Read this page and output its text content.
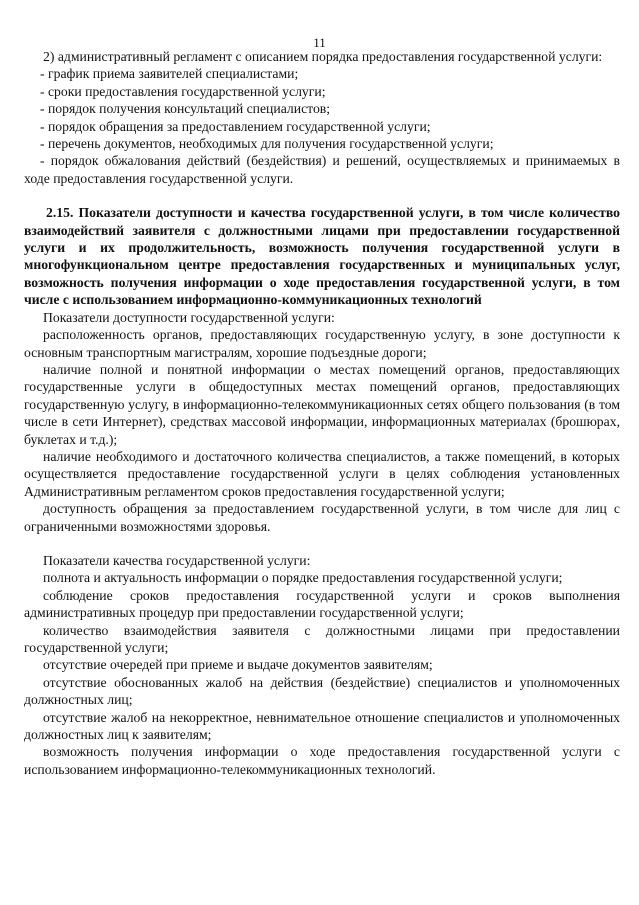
11

2) административный регламент с описанием порядка предоставления государственной услуги:

- график приема заявителей специалистами;

- сроки предоставления государственной услуги;

- порядок получения консультаций специалистов;

- порядок обращения за предоставлением государственной услуги;

- перечень документов, необходимых для получения государственной услуги;

- порядок обжалования действий (бездействия) и решений, осуществляемых и принимаемых в ходе предоставления государственной услуги.

2.15. Показатели доступности и качества государственной услуги, в том числе количество взаимодействий заявителя с должностными лицами при предоставлении государственной услуги и их продолжительность, возможность получения государственной услуги в многофункциональном центре предоставления государственных и муниципальных услуг, возможность получения информации о ходе предоставления государственной услуги, в том числе с использованием информационно-коммуникационных технологий

Показатели доступности государственной услуги:

расположенность органов, предоставляющих государственную услугу, в зоне доступности к основным транспортным магистралям, хорошие подъездные дороги;

наличие полной и понятной информации о местах помещений органов, предоставляющих государственные услуги в общедоступных местах помещений органов, предоставляющих государственную услугу, в информационно-телекоммуникационных сетях общего пользования (в том числе в сети Интернет), средствах массовой информации, информационных материалах (брошюрах, буклетах и т.д.);

наличие необходимого и достаточного количества специалистов, а также помещений, в которых осуществляется предоставление государственной услуги в целях соблюдения установленных Административным регламентом сроков предоставления государственной услуги;

доступность обращения за предоставлением государственной услуги, в том числе для лиц с ограниченными возможностями здоровья.

Показатели качества государственной услуги:

полнота и актуальность информации о порядке предоставления государственной услуги;

соблюдение сроков предоставления государственной услуги и сроков выполнения административных процедур при предоставлении государственной услуги;

количество взаимодействия заявителя с должностными лицами при предоставлении государственной услуги;

отсутствие очередей при приеме и выдаче документов заявителям;

отсутствие обоснованных жалоб на действия (бездействие) специалистов и уполномоченных должностных лиц;

отсутствие жалоб на некорректное, невнимательное отношение специалистов и уполномоченных должностных лиц к заявителям;

возможность получения информации о ходе предоставления государственной услуги с использованием информационно-телекоммуникационных технологий.
